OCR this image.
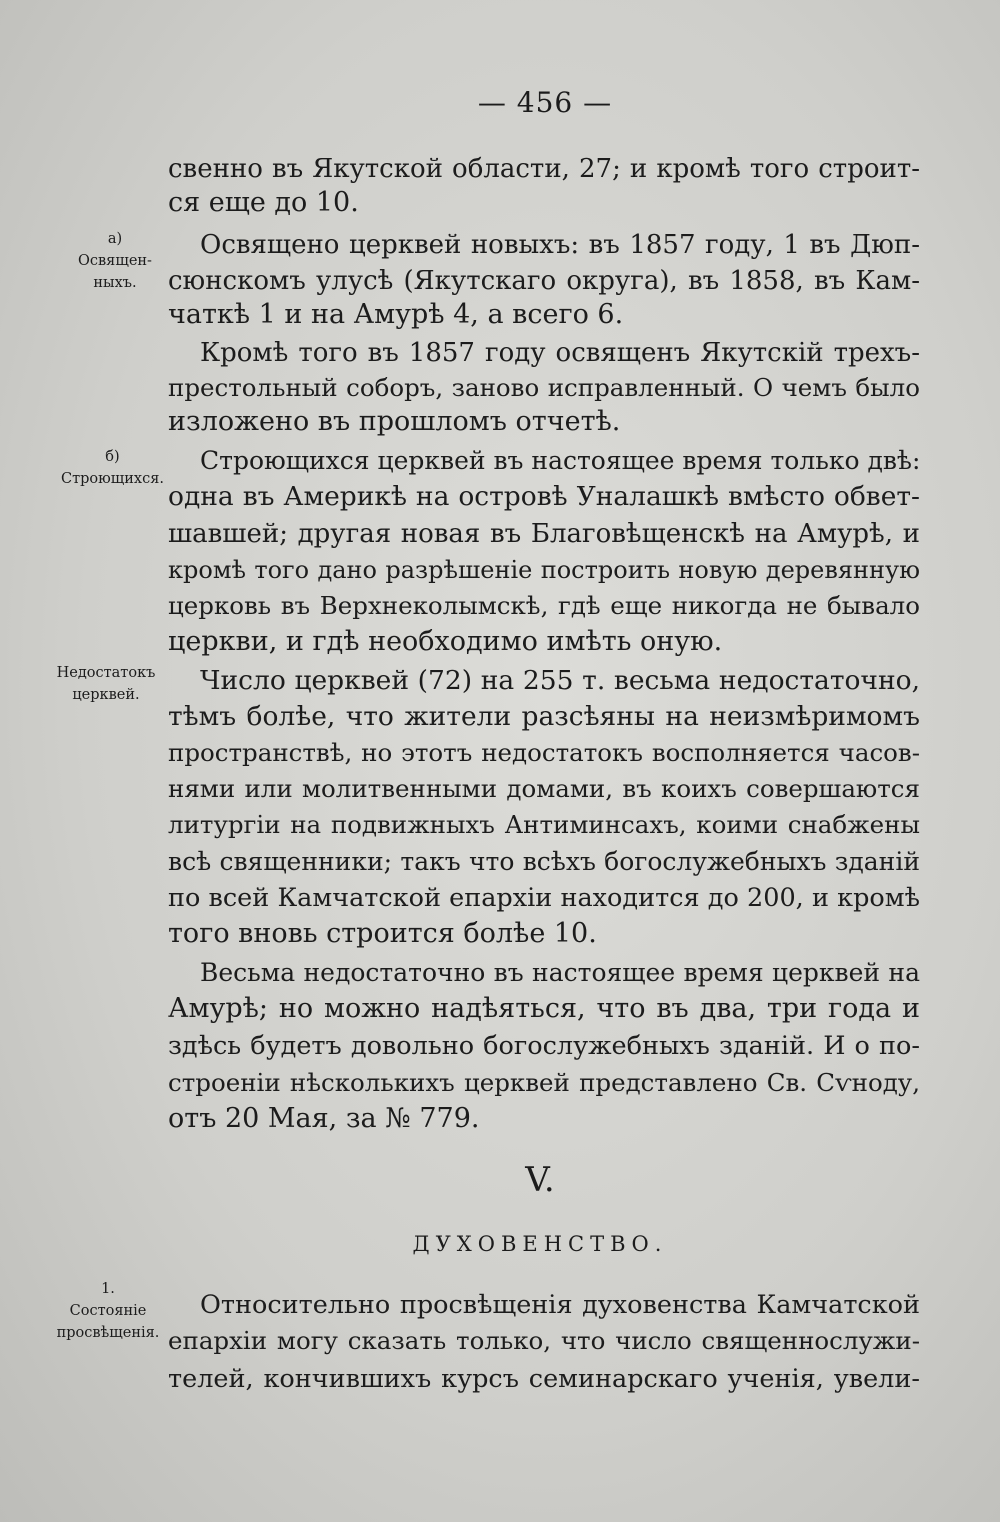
— 456 —
а)
Освящен-
ныхъ.
б)
Строющихся.
Недостатокъ
церквей.
1.
Состояніе
просвѣщенія.
свенно въ Якутской области, 27; и кромѣ того строит-
ся еще до 10.
Освящено церквей новыхъ: въ 1857 году, 1 въ Дюп-
сюнскомъ улусѣ (Якутскаго округа), въ 1858, въ Кам-
чаткѣ 1 и на Амурѣ 4, а всего 6.
Кромѣ того въ 1857 году освященъ Якутскій трехъ-
престольный соборъ, заново исправленный. О чемъ было
изложено въ прошломъ отчетѣ.
Строющихся церквей въ настоящее время только двѣ:
одна въ Америкѣ на островѣ Уналашкѣ вмѣсто обвет-
шавшей; другая новая въ Благовѣщенскѣ на Амурѣ, и
кромѣ того дано разрѣшеніе построить новую деревянную
церковь въ Верхнеколымскѣ, гдѣ еще никогда не бывало
церкви, и гдѣ необходимо имѣть оную.
Число церквей (72) на 255 т. весьма недостаточно,
тѣмъ болѣе, что жители разсѣяны на неизмѣримомъ
пространствѣ, но этотъ недостатокъ восполняется часов-
нями или молитвенными домами, въ коихъ совершаются
литургіи на подвижныхъ Антиминсахъ, коими снабжены
всѣ священники; такъ что всѣхъ богослужебныхъ зданій
по всей Камчатской епархіи находится до 200, и кромѣ
того вновь строится болѣе 10.
Весьма недостаточно въ настоящее время церквей на
Амурѣ; но можно надѣяться, что въ два, три года и
здѣсь будетъ довольно богослужебныхъ зданій. И о по-
строеніи нѣсколькихъ церквей представлено Св. Сѵноду,
отъ 20 Мая, за № 779.
V.
ДУХОВЕНСТВО.
Относительно просвѣщенія духовенства Камчатской
епархіи могу сказать только, что число священнослужи-
телей, кончившихъ курсъ семинарскаго ученія, увели-
